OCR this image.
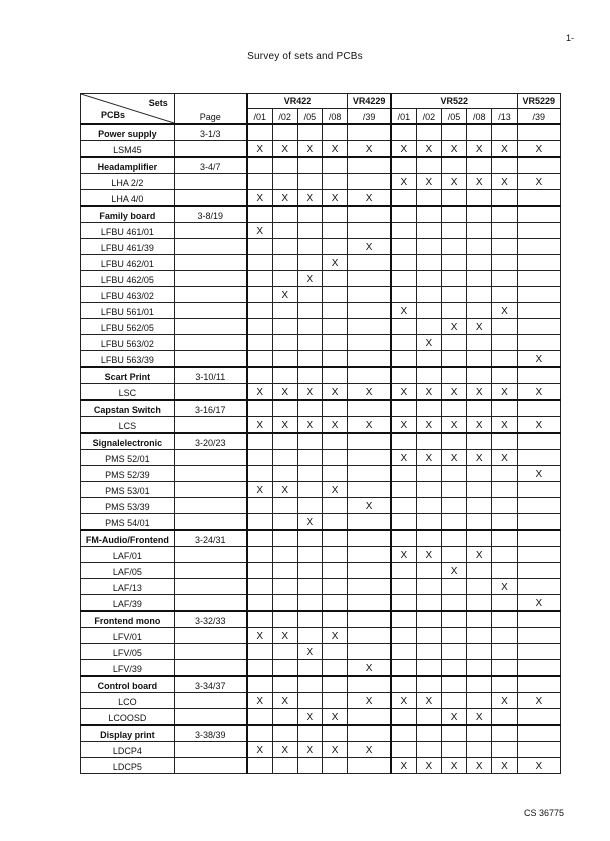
1-
Survey of sets and PCBs
Sets
PCBs	Page	VR422				VR4229	VR522					VR5229
		/01	/02	/05	/08	/39	/01	/02	/05	/08	/13	/39
Power supply	3-1/3											
LSM45		X	X	X	X	X	X	X	X	X	X	X
Headamplifier	3-4/7											
LHA 2/2							X	X	X	X	X	X
LHA 4/0		X	X	X	X	X						
Family board	3-8/19											
LFBU 461/01		X										
LFBU 461/39						X						
LFBU 462/01					X							
LFBU 462/05				X								
LFBU 463/02			X									
LFBU 561/01							X				X	
LFBU 562/05									X	X		
LFBU 563/02								X				
LFBU 563/39												X
Scart Print	3-10/11											
LSC		X	X	X	X	X	X	X	X	X	X	X
Capstan Switch	3-16/17											
LCS		X	X	X	X	X	X	X	X	X	X	X
Signalelectronic	3-20/23											
PMS 52/01							X	X	X	X	X	
PMS 52/39												X
PMS 53/01		X	X		X							
PMS 53/39						X						
PMS 54/01				X								
FM-Audio/Frontend	3-24/31											
LAF/01							X	X		X		
LAF/05									X			
LAF/13											X	
LAF/39												X
Frontend mono	3-32/33											
LFV/01		X	X		X							
LFV/05				X								
LFV/39						X						
Control board	3-34/37											
LCO		X	X			X	X	X			X	X
LCOOSD				X	X				X	X		
Display print	3-38/39											
LDCP4		X	X	X	X	X						
LDCP5							X	X	X	X	X	X
CS 36775
